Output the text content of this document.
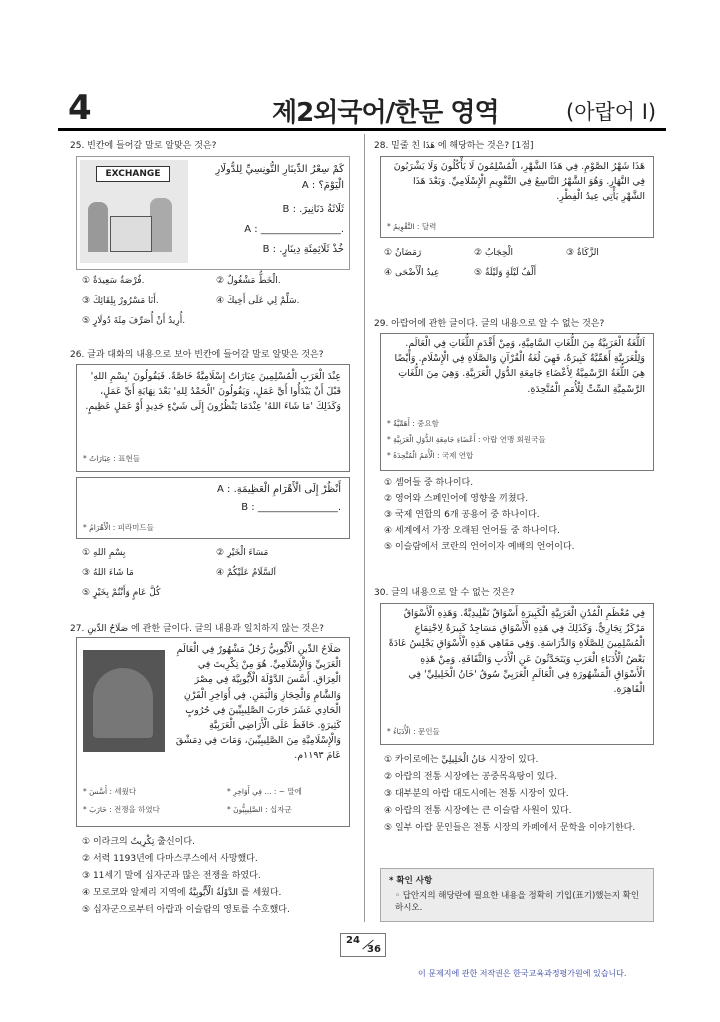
4	제2외국어/한문 영역	(아랍어 Ⅰ)
25. 빈칸에 들어갈 말로 알맞은 것은?
EXCHANGE	كَمْ سِعْرُ الدِّينَارِ التُّونِسِيِّ لِلدُّولَارِ الْيَوْمَ؟ : A
ثَلَاثَةُ دَنَانِيرَ. : B
.________________ : A
خُذْ ثَلَاثِمِئَةِ دِينَارٍ. : B
① فُرْصَةٌ سَعِيدَةٌ.	② الْخَطُّ مَشْغُولٌ.
③ أَنَا مَسْرُورٌ بِلِقَائِكَ.	④ سَلِّمْ لِي عَلَى أَخِيكَ.
⑤ أُرِيدُ أَنْ أُصَرِّفَ مِئَةَ دُولَارٍ.
26. 글과 대화의 내용으로 보아 빈칸에 들어갈 말로 알맞은 것은?
عِنْدَ الْعَرَبِ الْمُسْلِمِينَ عِبَارَاتٌ إِسْلَامِيَّةٌ خَاصَّةٌ. فَيَقُولُونَ 'بِسْمِ اللهِ' قَبْلَ أَنْ يَبْدَأُوا أَيَّ عَمَلٍ، وَيَقُولُونَ 'الْحَمْدُ لِلهِ' بَعْدَ نِهَايَةِ أَيِّ عَمَلٍ، وَكَذَلِكَ 'مَا شَاءَ اللهُ' عِنْدَمَا يَنْظُرُونَ إِلَى شَيْءٍ جَدِيدٍ أَوْ عَمَلٍ عَظِيمٍ.
* عِبَارَاتٌ : 표현들
أَنْظُرْ إِلَى الْأَهْرَامِ الْعَظِيمَةِ. : A
.________________ : B
* الْأَهْرَامُ : 피라미드들
① بِسْمِ اللهِ	② مَسَاءَ الْخَيْرِ
③ مَا شَاءَ اللهُ	④ اَلسَّلَامُ عَلَيْكُمْ
⑤ كُلَّ عَامٍ وَأَنْتُمْ بِخَيْرٍ
27. صَلَاحُ الدِّينِ 에 관한 글이다. 글의 내용과 일치하지 않는 것은?
صَلَاحُ الدِّينِ الْأَيُّوبِيُّ رَجُلٌ مَشْهُورٌ فِي الْعَالَمِ الْعَرَبِيِّ وَالْإِسْلَامِيِّ. هُوَ مِنْ تِكْرِيتَ فِي الْعِرَاقِ. أَسَّسَ الدَّوْلَةَ الْأَيُّوبِيَّةَ فِي مِصْرَ وَالشَّامِ وَالْحِجَازِ وَالْيَمَنِ. فِي أَوَاخِرِ الْقَرْنِ الْحَادِي عَشَرَ حَارَبَ الصَّلِيبِيِّينَ فِي حُرُوبٍ كَثِيرَةٍ. حَافَظَ عَلَى الْأَرَاضِي الْعَرَبِيَّةِ وَالْإِسْلَامِيَّةِ مِنَ الصَّلِيبِيِّينَ، وَمَاتَ فِي دِمَشْقَ عَامَ ١١٩٣م.
* أَسَّسَ : 세웠다	* فِي أَوَاخِرِ ... : ~ 말에
* حَارَبَ : 전쟁을 하였다	* الصَّلِيبِيُّونَ : 십자군
① 이라크의 تِكْرِيتُ 출신이다.
② 서력 1193년에 다마스쿠스에서 사망했다.
③ 11세기 말에 십자군과 많은 전쟁을 하였다.
④ 모로코와 알제리 지역에 الدَّوْلَةُ الْأَيُّوبِيَّةُ 를 세웠다.
⑤ 십자군으로부터 아랍과 이슬람의 영토를 수호했다.
28. 밑줄 친 هَذَا 에 해당하는 것은? [1점]
هَذَا شَهْرُ الصَّوْمِ. فِي هَذَا الشَّهْرِ، الْمُسْلِمُونَ لَا يَأْكُلُونَ وَلَا يَشْرَبُونَ فِي النَّهَارِ. وَهُوَ الشَّهْرُ التَّاسِعُ فِي التَّقْوِيمِ الْإِسْلَامِيِّ. وَبَعْدَ هَذَا الشَّهْرِ يَأْتِي عِيدُ الْفِطْرِ.
* التَّقْوِيمُ : 달력
① رَمَضَانُ	② الْحِجَابُ	③ الزَّكَاةُ
④ عِيدُ الْأَضْحَى	⑤ أَلْفُ لَيْلَةٍ وَلَيْلَةٌ
29. 아랍어에 관한 글이다. 글의 내용으로 알 수 없는 것은?
اَللُّغَةُ الْعَرَبِيَّةُ مِنَ اللُّغَاتِ السَّامِيَّةِ، وَمِنْ أَقْدَمِ اللُّغَاتِ فِي الْعَالَمِ. وَلِلْعَرَبِيَّةِ أَهَمِّيَّةٌ كَبِيرَةٌ، فَهِيَ لُغَةُ الْقُرْآنِ وَالصَّلَاةِ فِي الْإِسْلَامِ. وَأَيْضًا هِيَ اللُّغَةُ الرَّسْمِيَّةُ لِأَعْضَاءِ جَامِعَةِ الدُّوَلِ الْعَرَبِيَّةِ. وَهِيَ مِنَ اللُّغَاتِ الرَّسْمِيَّةِ السِّتِّ لِلْأُمَمِ الْمُتَّحِدَةِ.
* أَهَمِّيَّةٌ : 중요함
* أَعْضَاءِ جَامِعَةِ الدُّوَلِ الْعَرَبِيَّةِ : 아랍 연맹 회원국들
* الْأُمَمُ الْمُتَّحِدَةُ : 국제 연합
① 셈어들 중 하나이다.
② 영어와 스페인어에 영향을 끼쳤다.
③ 국제 연합의 6개 공용어 중 하나이다.
④ 세계에서 가장 오래된 언어들 중 하나이다.
⑤ 이슬람에서 코란의 언어이자 예배의 언어이다.
30. 글의 내용으로 알 수 없는 것은?
فِي مُعْظَمِ الْمُدُنِ الْعَرَبِيَّةِ الْكَبِيرَةِ أَسْوَاقٌ تَقْلِيدِيَّةٌ. وَهَذِهِ الْأَسْوَاقُ مَرْكَزٌ تِجَارِيٌّ. وَكَذَلِكَ فِي هَذِهِ الْأَسْوَاقِ مَسَاجِدُ كَبِيرَةٌ لِاجْتِمَاعِ الْمُسْلِمِينَ لِلصَّلَاةِ وَالدِّرَاسَةِ. وَفِي مَقَاهِي هَذِهِ الْأَسْوَاقِ يَجْلِسُ عَادَةً بَعْضُ الْأُدَبَاءِ الْعَرَبِ وَيَتَحَدَّثُونَ عَنِ الْأَدَبِ وَالثَّقَافَةِ. وَمِنْ هَذِهِ الْأَسْوَاقِ الْمَشْهُورَةِ فِي الْعَالَمِ الْعَرَبِيِّ سُوقُ 'خَانُ الْخَلِيلِيِّ' فِي الْقَاهِرَةِ.
* الْأُدَبَاءُ : 문인들
① 카이로에는 خَانُ الْخَلِيلِيِّ 시장이 있다.
② 아랍의 전통 시장에는 공중목욕탕이 있다.
③ 대부분의 아랍 대도시에는 전통 시장이 있다.
④ 아랍의 전통 시장에는 큰 이슬람 사원이 있다.
⑤ 일부 아랍 문인들은 전통 시장의 카페에서 문학을 이야기한다.
* 확인 사항
◦ 답안지의 해당란에 필요한 내용을 정확히 기입(표기)했는지 확인하시오.
24
36
이 문제지에 관한 저작권은 한국교육과정평가원에 있습니다.
